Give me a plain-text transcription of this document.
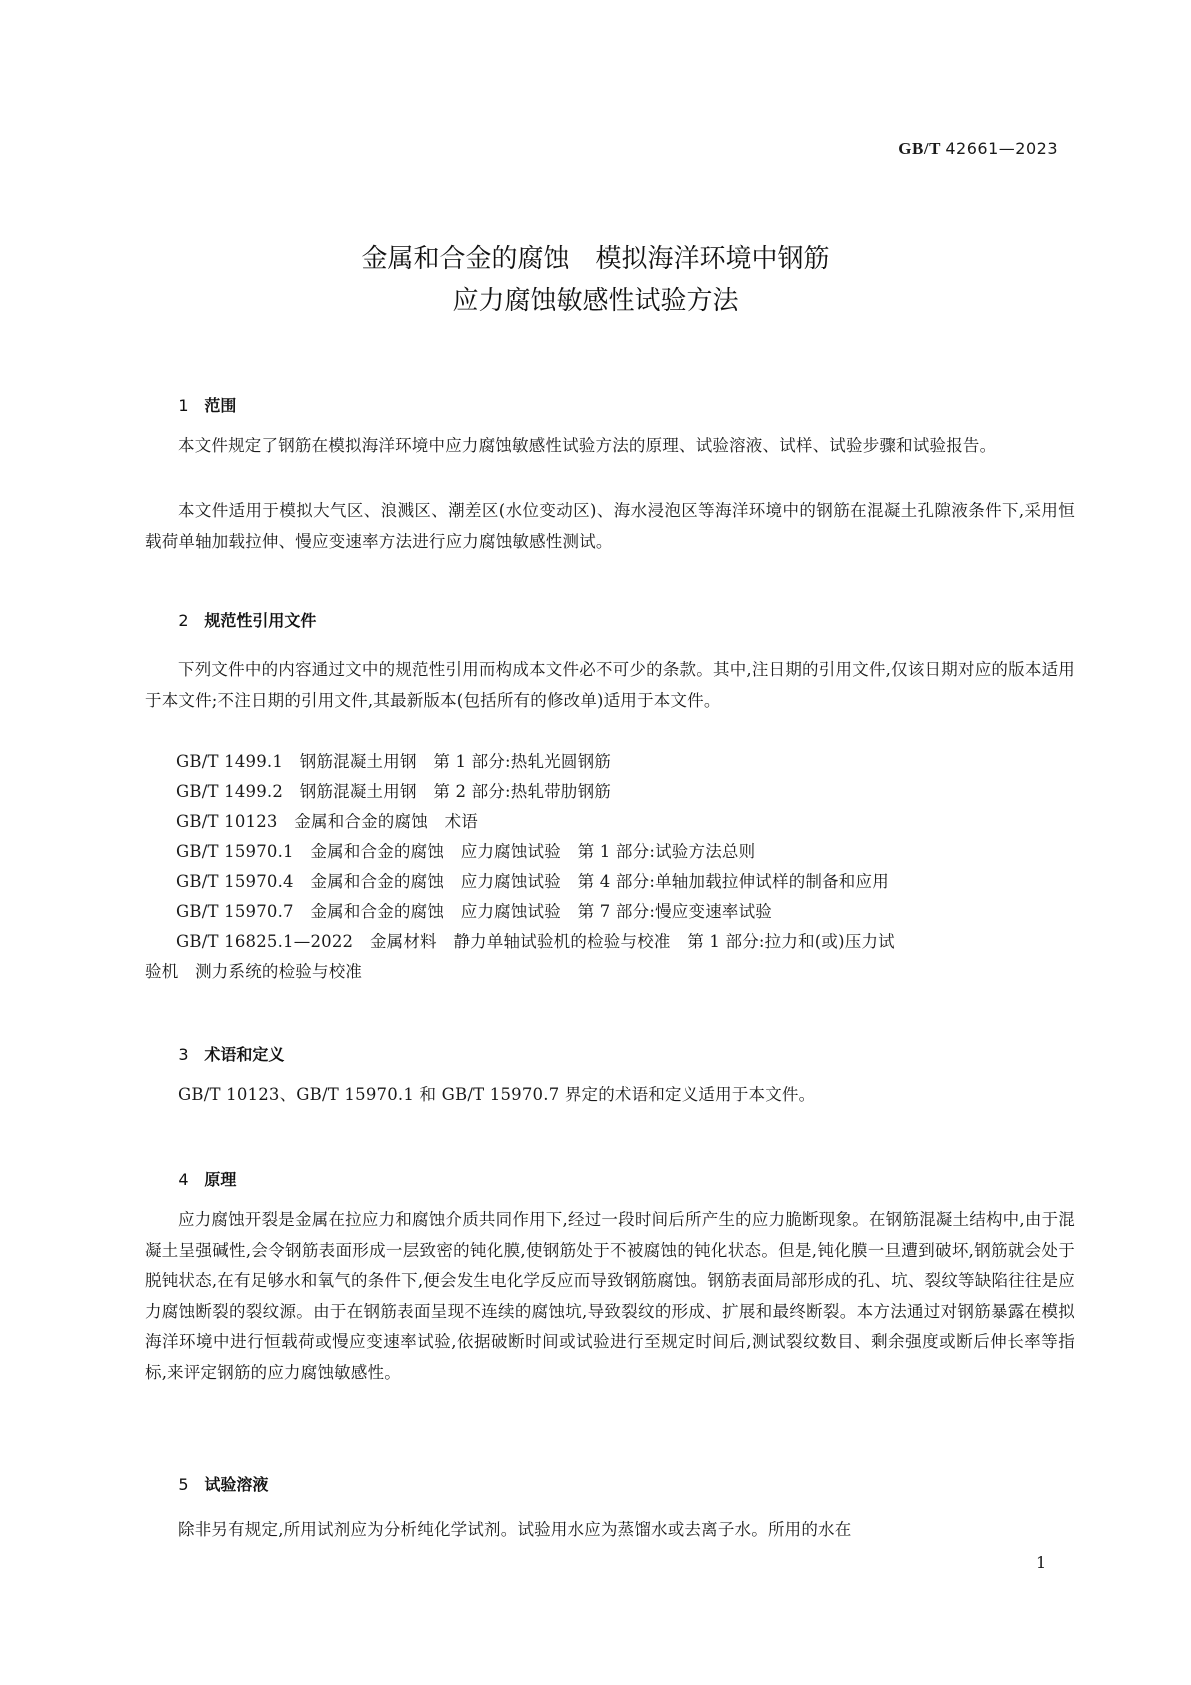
GB/T 42661—2023
金属和合金的腐蚀　模拟海洋环境中钢筋
应力腐蚀敏感性试验方法

1 范围

本文件规定了钢筋在模拟海洋环境中应力腐蚀敏感性试验方法的原理、试验溶液、试样、试验步骤和试验报告。
本文件适用于模拟大气区、浪溅区、潮差区(水位变动区)、海水浸泡区等海洋环境中的钢筋在混凝土孔隙液条件下,采用恒载荷单轴加载拉伸、慢应变速率方法进行应力腐蚀敏感性测试。

2 规范性引用文件

下列文件中的内容通过文中的规范性引用而构成本文件必不可少的条款。其中,注日期的引用文件,仅该日期对应的版本适用于本文件;不注日期的引用文件,其最新版本(包括所有的修改单)适用于本文件。
GB/T 1499.1　钢筋混凝土用钢　第 1 部分:热轧光圆钢筋
GB/T 1499.2　钢筋混凝土用钢　第 2 部分:热轧带肋钢筋
GB/T 10123　金属和合金的腐蚀　术语
GB/T 15970.1　金属和合金的腐蚀　应力腐蚀试验　第 1 部分:试验方法总则
GB/T 15970.4　金属和合金的腐蚀　应力腐蚀试验　第 4 部分:单轴加载拉伸试样的制备和应用
GB/T 15970.7　金属和合金的腐蚀　应力腐蚀试验　第 7 部分:慢应变速率试验
GB/T 16825.1—2022　金属材料　静力单轴试验机的检验与校准　第 1 部分:拉力和(或)压力试
验机　测力系统的检验与校准

3 术语和定义

GB/T 10123、GB/T 15970.1 和 GB/T 15970.7 界定的术语和定义适用于本文件。

4 原理

应力腐蚀开裂是金属在拉应力和腐蚀介质共同作用下,经过一段时间后所产生的应力脆断现象。在钢筋混凝土结构中,由于混凝土呈强碱性,会令钢筋表面形成一层致密的钝化膜,使钢筋处于不被腐蚀的钝化状态。但是,钝化膜一旦遭到破坏,钢筋就会处于脱钝状态,在有足够水和氧气的条件下,便会发生电化学反应而导致钢筋腐蚀。钢筋表面局部形成的孔、坑、裂纹等缺陷往往是应力腐蚀断裂的裂纹源。由于在钢筋表面呈现不连续的腐蚀坑,导致裂纹的形成、扩展和最终断裂。本方法通过对钢筋暴露在模拟海洋环境中进行恒载荷或慢应变速率试验,依据破断时间或试验进行至规定时间后,测试裂纹数目、剩余强度或断后伸长率等指标,来评定钢筋的应力腐蚀敏感性。

5 试验溶液

除非另有规定,所用试剂应为分析纯化学试剂。试验用水应为蒸馏水或去离子水。所用的水在
1
